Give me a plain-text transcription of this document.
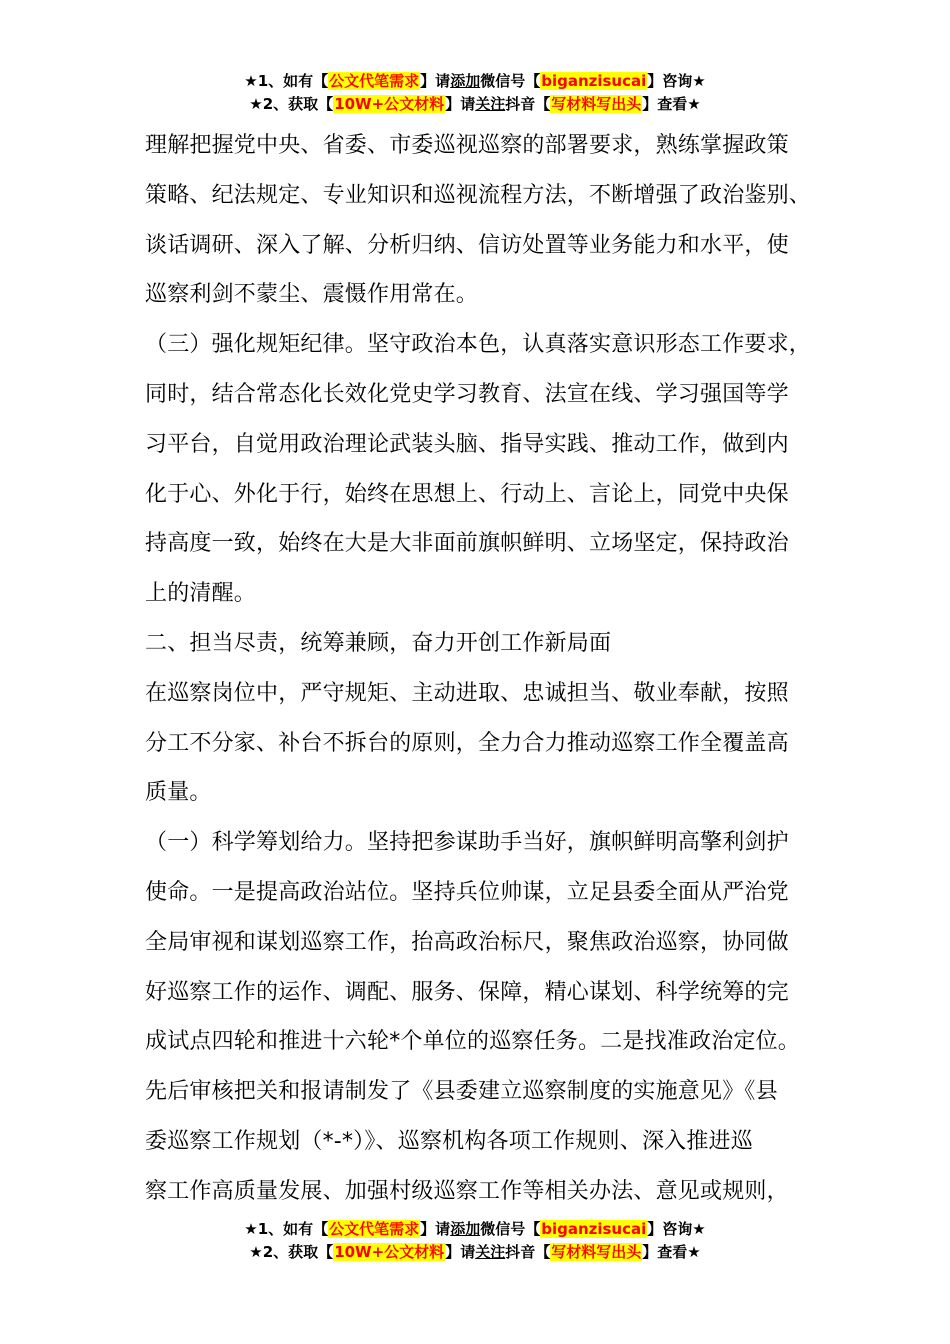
★1、如有【公文代笔需求】请添加微信号【biganzisucai】咨询★
★2、获取【10W+公文材料】请关注抖音【写材料写出头】查看★
理解把握党中央、省委、市委巡视巡察的部署要求，熟练掌握政策
策略、纪法规定、专业知识和巡视流程方法，不断增强了政治鉴别、
谈话调研、深入了解、分析归纳、信访处置等业务能力和水平，使
巡察利剑不蒙尘、震慑作用常在。
（三）强化规矩纪律。坚守政治本色，认真落实意识形态工作要求，
同时，结合常态化长效化党史学习教育、法宣在线、学习强国等学
习平台，自觉用政治理论武装头脑、指导实践、推动工作，做到内
化于心、外化于行，始终在思想上、行动上、言论上，同党中央保
持高度一致，始终在大是大非面前旗帜鲜明、立场坚定，保持政治
上的清醒。
二、担当尽责，统筹兼顾，奋力开创工作新局面
在巡察岗位中，严守规矩、主动进取、忠诚担当、敬业奉献，按照
分工不分家、补台不拆台的原则，全力合力推动巡察工作全覆盖高
质量。
（一）科学筹划给力。坚持把参谋助手当好，旗帜鲜明高擎利剑护
使命。一是提高政治站位。坚持兵位帅谋，立足县委全面从严治党
全局审视和谋划巡察工作，抬高政治标尺，聚焦政治巡察，协同做
好巡察工作的运作、调配、服务、保障，精心谋划、科学统筹的完
成试点四轮和推进十六轮*个单位的巡察任务。二是找准政治定位。
先后审核把关和报请制发了《县委建立巡察制度的实施意见》《县
委巡察工作规划（*-*）》、巡察机构各项工作规则、深入推进巡
察工作高质量发展、加强村级巡察工作等相关办法、意见或规则，
★1、如有【公文代笔需求】请添加微信号【biganzisucai】咨询★
★2、获取【10W+公文材料】请关注抖音【写材料写出头】查看★
